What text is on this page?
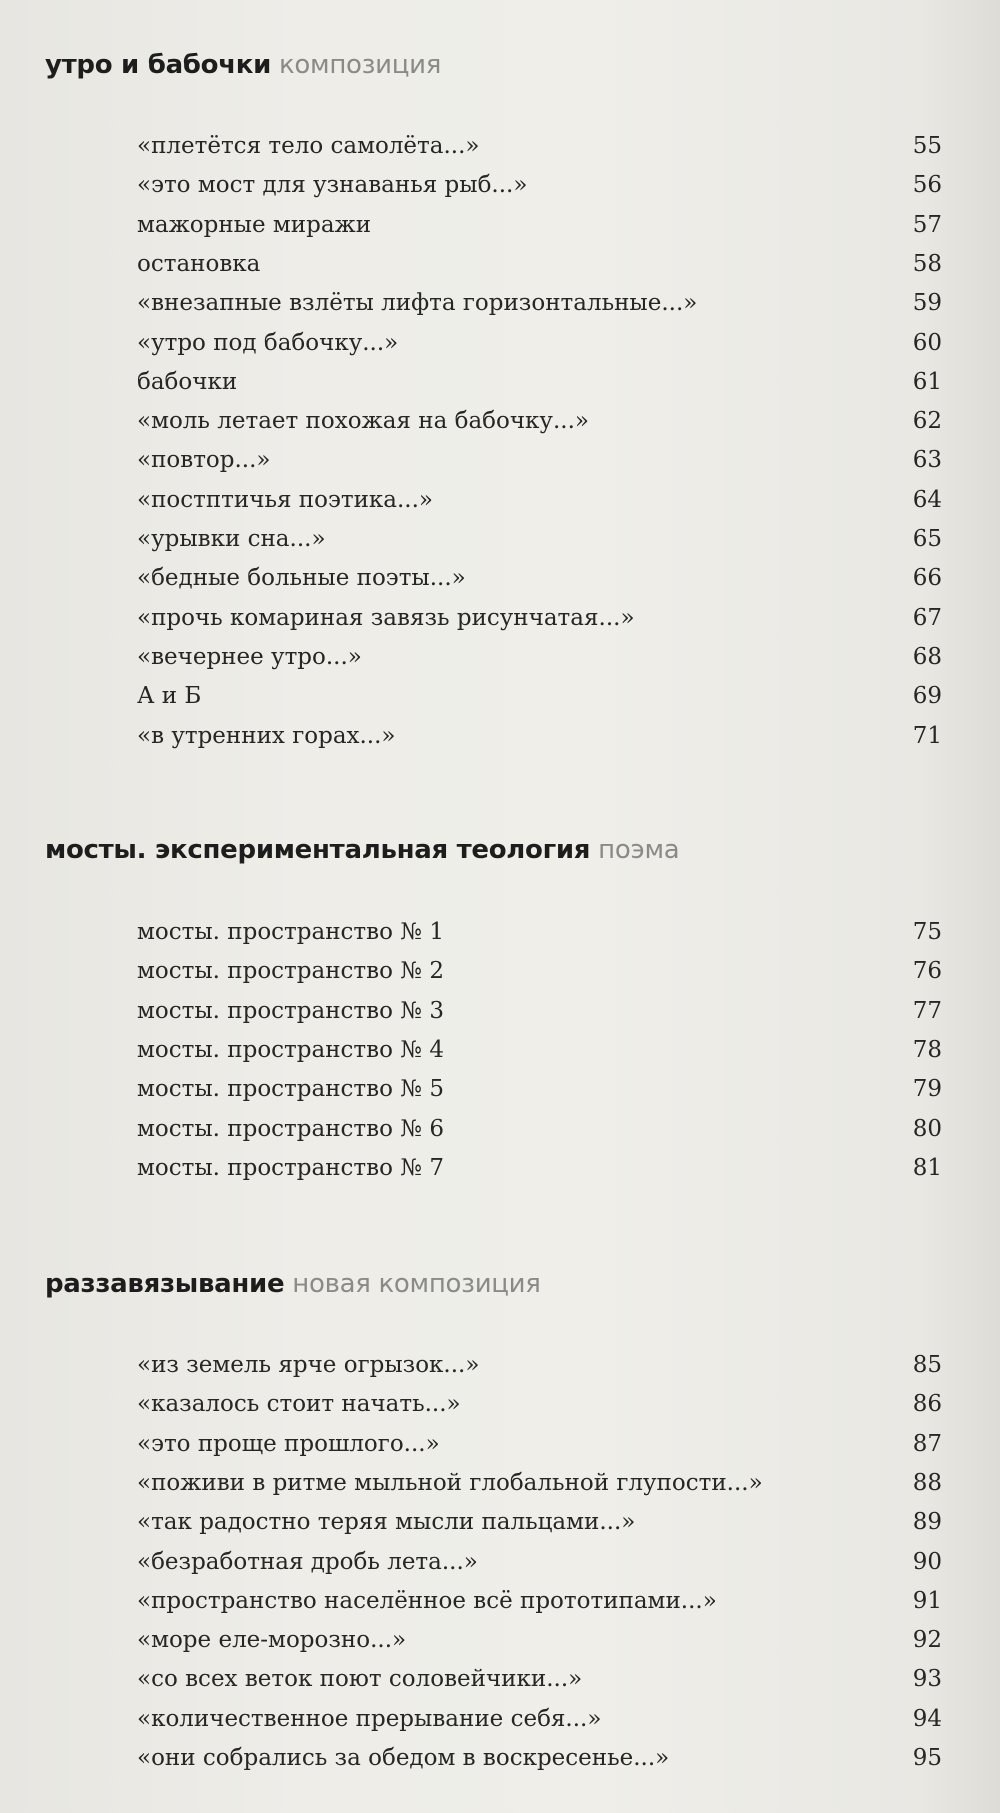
утро и бабочки композиция
«плетётся тело самолёта...»	55
«это мост для узнаванья рыб...»	56
мажорные миражи	57
остановка	58
«внезапные взлёты лифта горизонтальные...»	59
«утро под бабочку...»	60
бабочки	61
«моль летает похожая на бабочку...»	62
«повтор...»	63
«постптичья поэтика...»	64
«урывки сна...»	65
«бедные больные поэты...»	66
«прочь комариная завязь рисунчатая...»	67
«вечернее утро...»	68
А и Б	69
«в утренних горах...»	71
мосты. экспериментальная теология поэма
мосты. пространство № 1	75
мосты. пространство № 2	76
мосты. пространство № 3	77
мосты. пространство № 4	78
мосты. пространство № 5	79
мосты. пространство № 6	80
мосты. пространство № 7	81
раззавязывание новая композиция
«из земель ярче огрызок...»	85
«казалось стоит начать...»	86
«это проще прошлого...»	87
«поживи в ритме мыльной глобальной глупости...»	88
«так радостно теряя мысли пальцами...»	89
«безработная дробь лета...»	90
«пространство населённое всё прототипами...»	91
«море еле-морозно...»	92
«со всех веток поют соловейчики...»	93
«количественное прерывание себя...»	94
«они собрались за обедом в воскресенье...»	95
